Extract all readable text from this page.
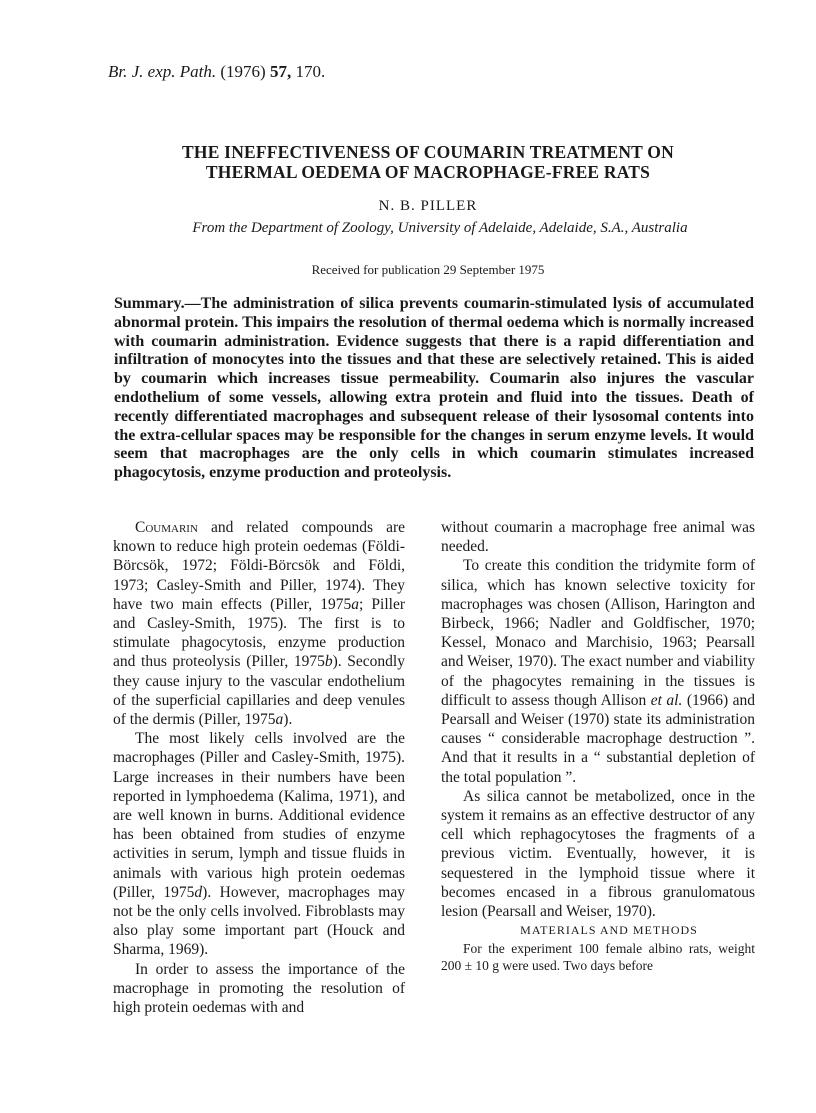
Br. J. exp. Path. (1976) 57, 170.
THE INEFFECTIVENESS OF COUMARIN TREATMENT ON
THERMAL OEDEMA OF MACROPHAGE-FREE RATS
N. B. PILLER
From the Department of Zoology, University of Adelaide, Adelaide, S.A., Australia
Received for publication 29 September 1975
Summary.—The administration of silica prevents coumarin-stimulated lysis of accumulated abnormal protein. This impairs the resolution of thermal oedema which is normally increased with coumarin administration. Evidence suggests that there is a rapid differentiation and infiltration of monocytes into the tissues and that these are selectively retained. This is aided by coumarin which increases tissue permeability. Coumarin also injures the vascular endothelium of some vessels, allowing extra protein and fluid into the tissues. Death of recently differentiated macrophages and subsequent release of their lysosomal contents into the extra-cellular spaces may be responsible for the changes in serum enzyme levels. It would seem that macrophages are the only cells in which coumarin stimulates increased phagocytosis, enzyme production and proteolysis.

Coumarin and related compounds are known to reduce high protein oedemas (Földi-Börcsök, 1972; Földi-Börcsök and Földi, 1973; Casley-Smith and Piller, 1974). They have two main effects (Piller, 1975a; Piller and Casley-Smith, 1975). The first is to stimulate phagocytosis, enzyme production and thus proteolysis (Piller, 1975b). Secondly they cause injury to the vascular endothelium of the superficial capillaries and deep venules of the dermis (Piller, 1975a).

The most likely cells involved are the macrophages (Piller and Casley-Smith, 1975). Large increases in their numbers have been reported in lymphoedema (Kalima, 1971), and are well known in burns. Additional evidence has been obtained from studies of enzyme activities in serum, lymph and tissue fluids in animals with various high protein oedemas (Piller, 1975d). However, macrophages may not be the only cells involved. Fibroblasts may also play some important part (Houck and Sharma, 1969).

In order to assess the importance of the macrophage in promoting the resolution of high protein oedemas with and

without coumarin a macrophage free animal was needed.

To create this condition the tridymite form of silica, which has known selective toxicity for macrophages was chosen (Allison, Harington and Birbeck, 1966; Nadler and Goldfischer, 1970; Kessel, Monaco and Marchisio, 1963; Pearsall and Weiser, 1970). The exact number and viability of the phagocytes remaining in the tissues is difficult to assess though Allison et al. (1966) and Pearsall and Weiser (1970) state its administration causes “ considerable macrophage destruction ”. And that it results in a “ substantial depletion of the total population ”.

As silica cannot be metabolized, once in the system it remains as an effective destructor of any cell which rephagocytoses the fragments of a previous victim. Eventually, however, it is sequestered in the lymphoid tissue where it becomes encased in a fibrous granulomatous lesion (Pearsall and Weiser, 1970).

MATERIALS AND METHODS

For the experiment 100 female albino rats, weight 200 ± 10 g were used. Two days before
